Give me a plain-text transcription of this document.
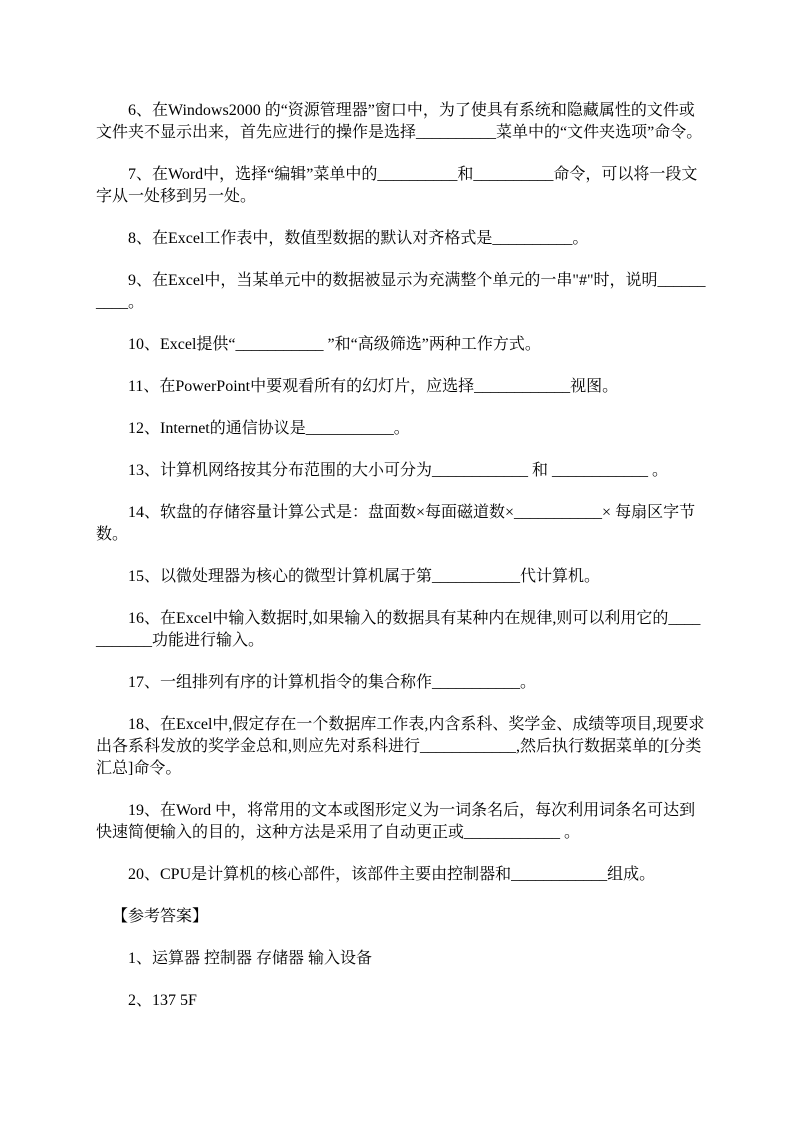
6、在Windows2000 的“资源管理器”窗口中，为了使具有系统和隐藏属性的文件或文件夹不显示出来，首先应进行的操作是选择__________菜单中的“文件夹选项”命令。

7、在Word中，选择“编辑”菜单中的__________和__________命令，可以将一段文字从一处移到另一处。

8、在Excel工作表中，数值型数据的默认对齐格式是__________。

9、在Excel中，当某单元中的数据被显示为充满整个单元的一串"#"时，说明__________。

10、Excel提供“___________ ”和“高级筛选”两种工作方式。

11、在PowerPoint中要观看所有的幻灯片，应选择____________视图。

12、Internet的通信协议是___________。

13、计算机网络按其分布范围的大小可分为____________ 和 ____________ 。

14、软盘的存储容量计算公式是：盘面数×每面磁道数×___________× 每扇区字节数。

15、以微处理器为核心的微型计算机属于第___________代计算机。

16、在Excel中输入数据时,如果输入的数据具有某种内在规律,则可以利用它的___________功能进行输入。

17、一组排列有序的计算机指令的集合称作___________。

18、在Excel中,假定存在一个数据库工作表,内含系科、奖学金、成绩等项目,现要求出各系科发放的奖学金总和,则应先对系科进行____________,然后执行数据菜单的[分类汇总]命令。

19、在Word 中，将常用的文本或图形定义为一词条名后，每次利用词条名可达到快速简便输入的目的，这种方法是采用了自动更正或____________ 。

20、CPU是计算机的核心部件，该部件主要由控制器和____________组成。

【参考答案】

1、运算器 控制器 存储器 输入设备

2、137 5F
